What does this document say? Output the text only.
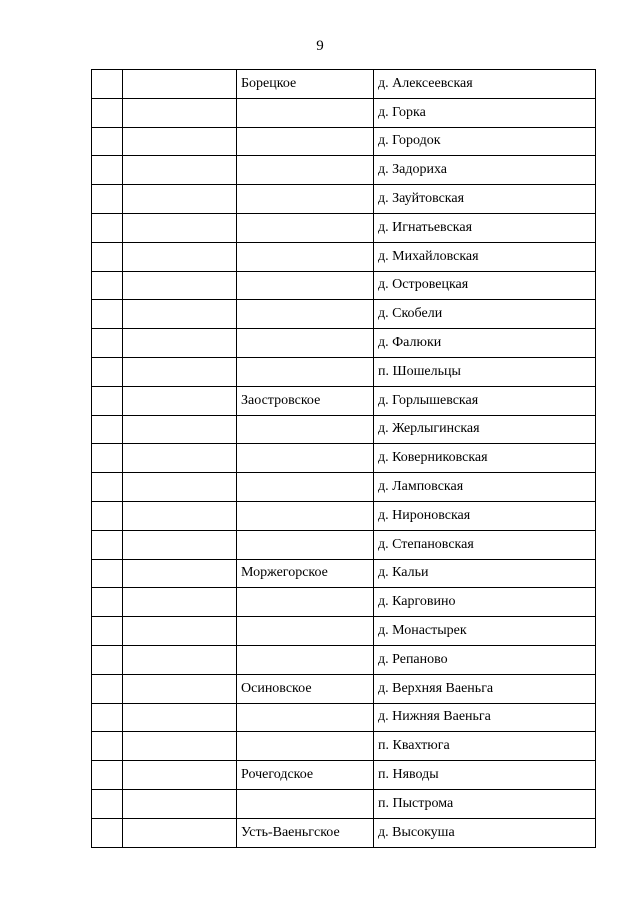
9
		Борецкое	д. Алексеевская
			д. Горка
			д. Городок
			д. Задориха
			д. Зауйтовская
			д. Игнатьевская
			д. Михайловская
			д. Островецкая
			д. Скобели
			д. Фалюки
			п. Шошельцы
		Заостровское	д. Горлышевская
			д. Жерлыгинская
			д. Коверниковская
			д. Ламповская
			д. Нироновская
			д. Степановская
		Моржегорское	д. Кальи
			д. Карговино
			д. Монастырек
			д. Репаново
		Осиновское	д. Верхняя Ваеньга
			д. Нижняя Ваеньга
			п. Квахтюга
		Рочегодское	п. Няводы
			п. Пыстрома
		Усть-Ваеньгское	д. Высокуша
